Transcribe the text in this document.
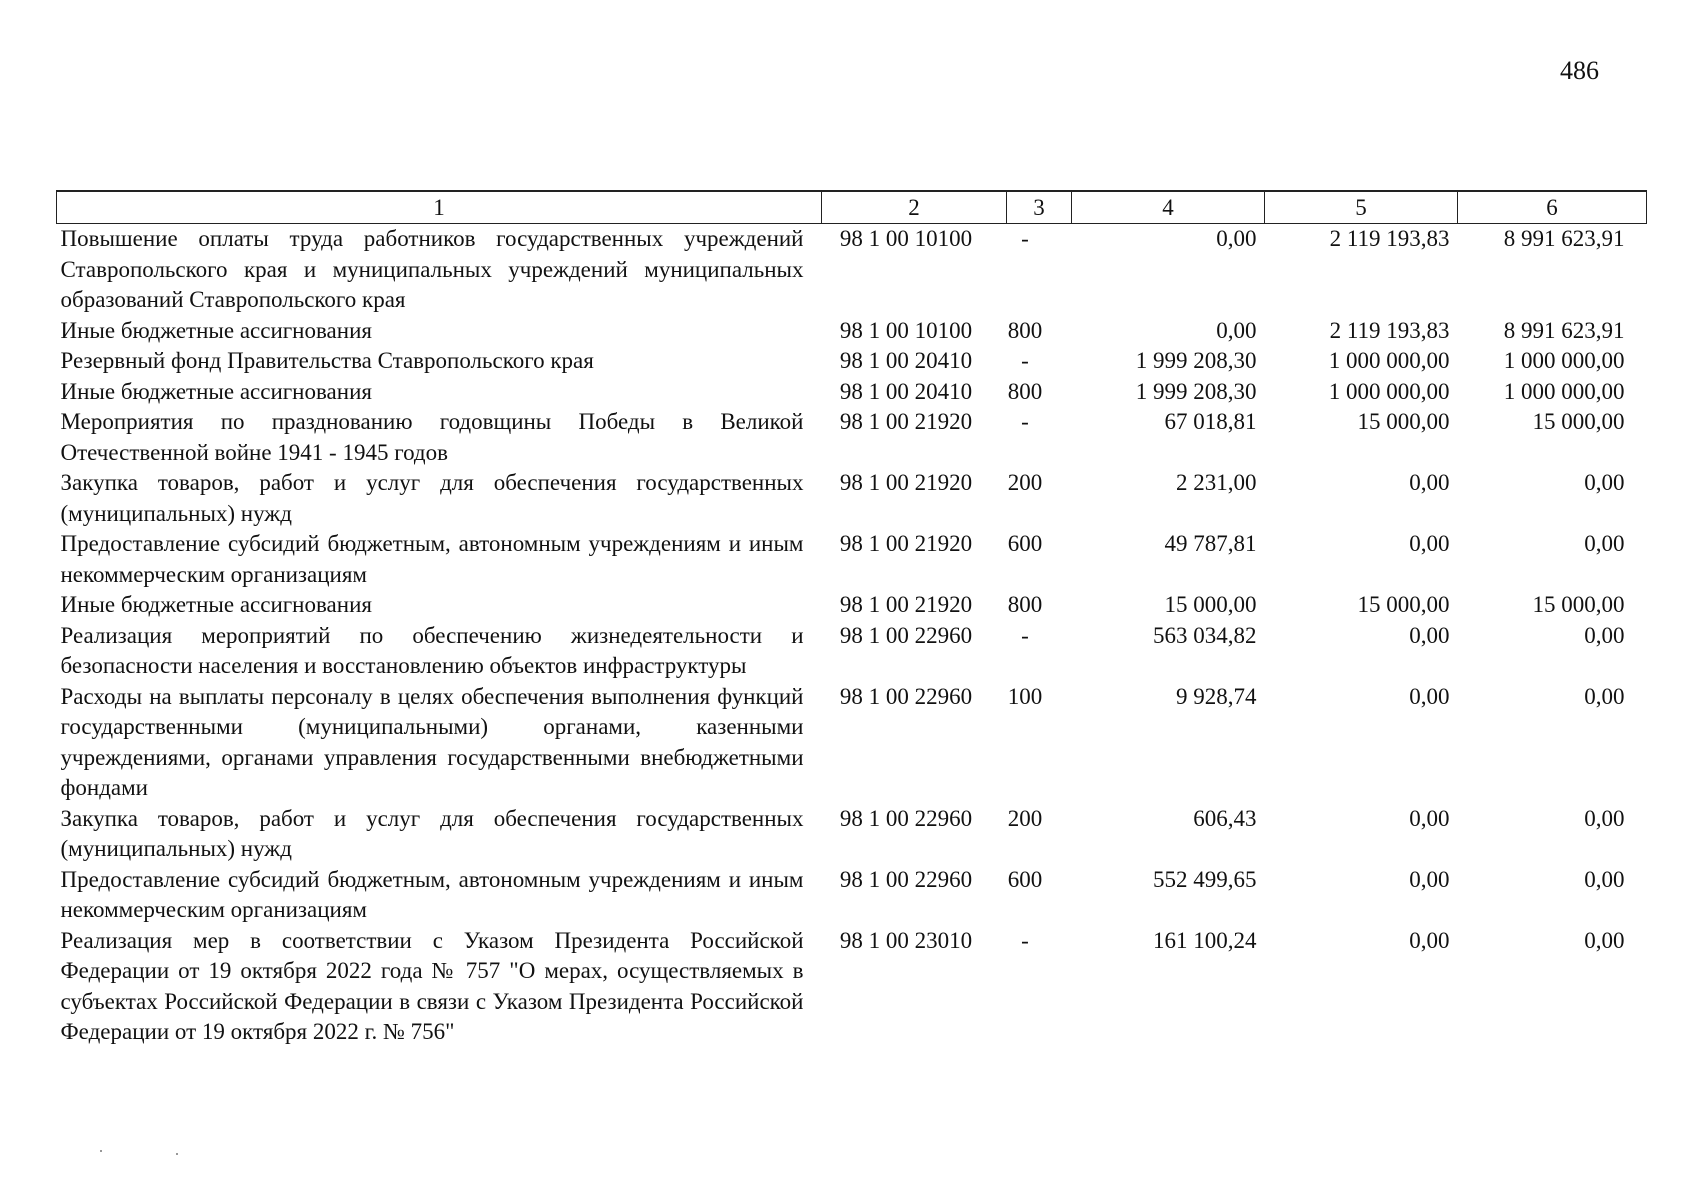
486
1	2	3	4	5	6
Повышение оплаты труда работников государственных учреждений Ставропольского края и муниципальных учреждений муниципальных образований Ставропольского края	98 1 00 10100	-	0,00	2 119 193,83	8 991 623,91
Иные бюджетные ассигнования	98 1 00 10100	800	0,00	2 119 193,83	8 991 623,91
Резервный фонд Правительства Ставропольского края	98 1 00 20410	-	1 999 208,30	1 000 000,00	1 000 000,00
Иные бюджетные ассигнования	98 1 00 20410	800	1 999 208,30	1 000 000,00	1 000 000,00
Мероприятия по празднованию годовщины Победы в Великой Отечественной войне 1941 - 1945 годов	98 1 00 21920	-	67 018,81	15 000,00	15 000,00
Закупка товаров, работ и услуг для обеспечения государственных (муниципальных) нужд	98 1 00 21920	200	2 231,00	0,00	0,00
Предоставление субсидий бюджетным, автономным учреждениям и иным некоммерческим организациям	98 1 00 21920	600	49 787,81	0,00	0,00
Иные бюджетные ассигнования	98 1 00 21920	800	15 000,00	15 000,00	15 000,00
Реализация мероприятий по обеспечению жизнедеятельности и безопасности населения и восстановлению объектов инфраструктуры	98 1 00 22960	-	563 034,82	0,00	0,00
Расходы на выплаты персоналу в целях обеспечения выполнения функций государственными (муниципальными) органами, казенными учреждениями, органами управления государственными внебюджетными фондами	98 1 00 22960	100	9 928,74	0,00	0,00
Закупка товаров, работ и услуг для обеспечения государственных (муниципальных) нужд	98 1 00 22960	200	606,43	0,00	0,00
Предоставление субсидий бюджетным, автономным учреждениям и иным некоммерческим организациям	98 1 00 22960	600	552 499,65	0,00	0,00
Реализация мер в соответствии с Указом Президента Российской Федерации от 19 октября 2022 года № 757 "О мерах, осуществляемых в субъектах Российской Федерации в связи с Указом Президента Российской Федерации от 19 октября 2022 г. № 756"	98 1 00 23010	-	161 100,24	0,00	0,00
